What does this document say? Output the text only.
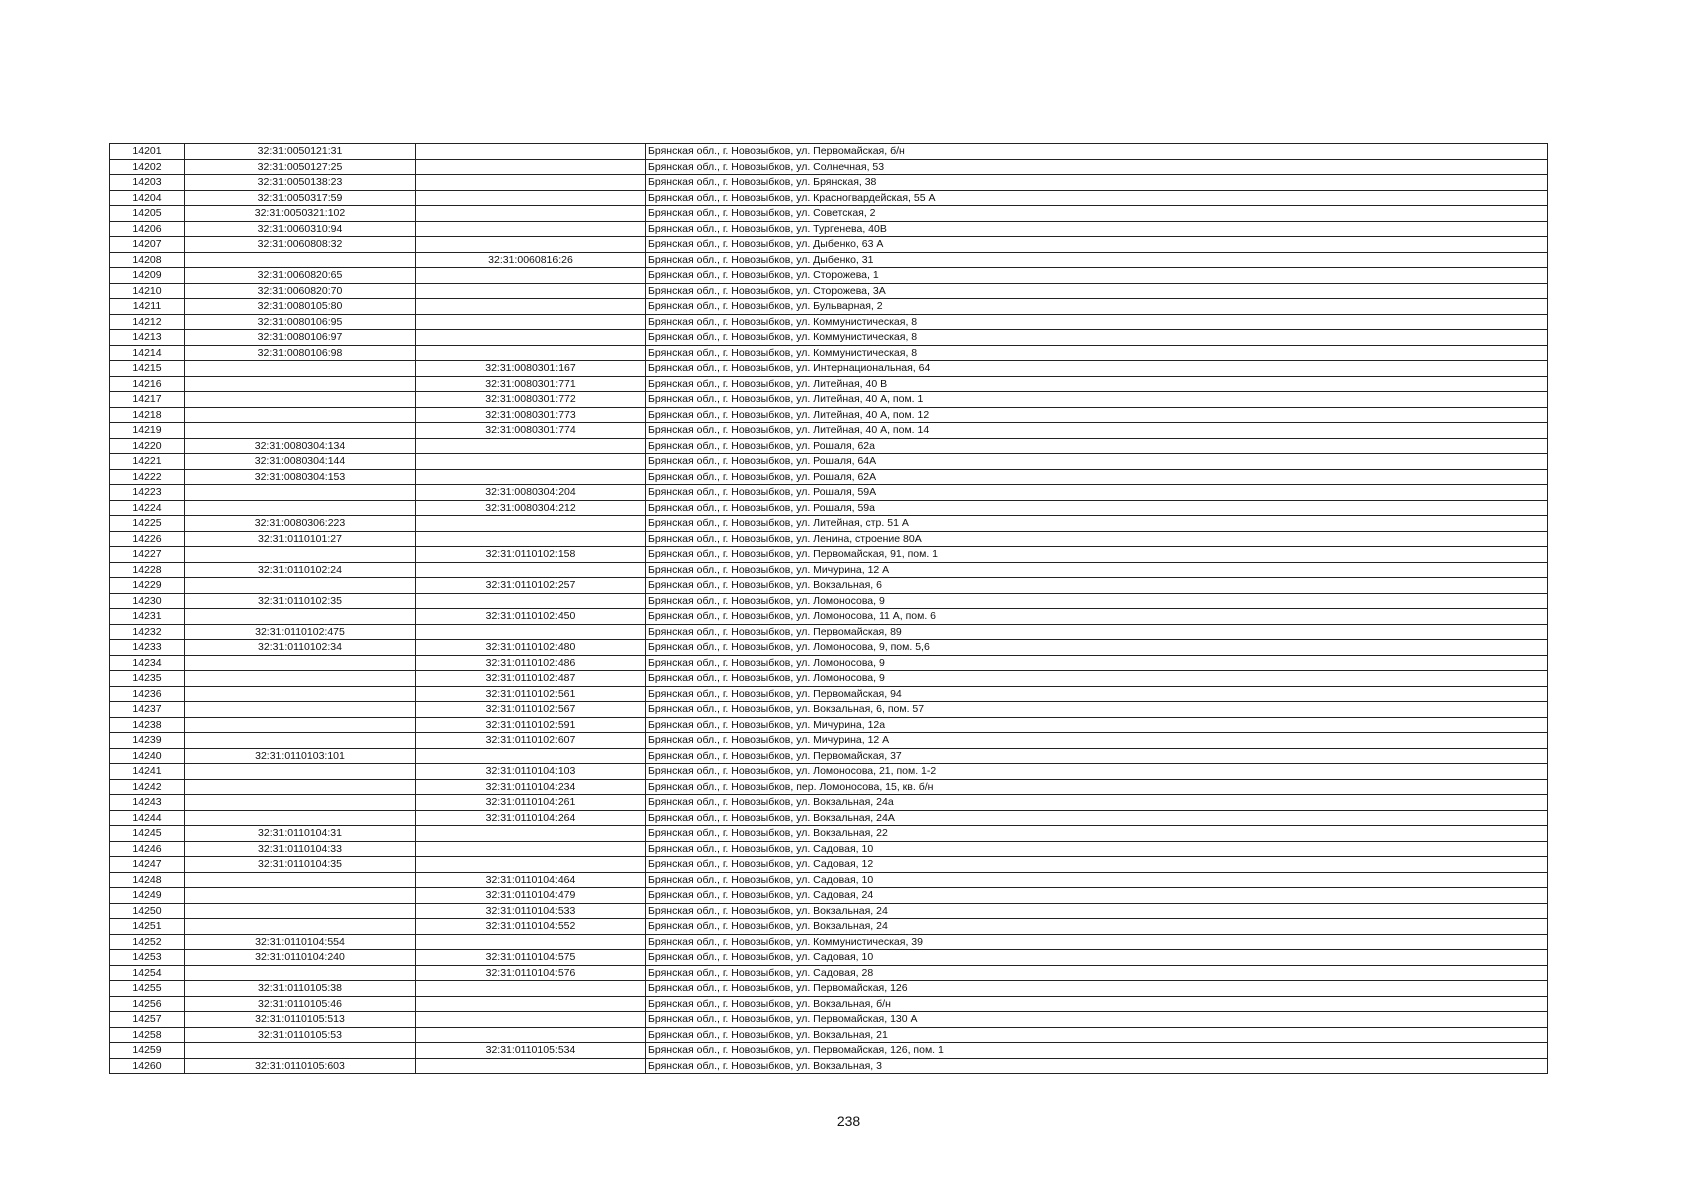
14201	32:31:0050121:31		Брянская обл., г. Новозыбков, ул. Первомайская, б/н
14202	32:31:0050127:25		Брянская обл., г. Новозыбков, ул. Солнечная, 53
14203	32:31:0050138:23		Брянская обл., г. Новозыбков, ул. Брянская, 38
14204	32:31:0050317:59		Брянская обл., г. Новозыбков, ул. Красногвардейская, 55 А
14205	32:31:0050321:102		Брянская обл., г. Новозыбков, ул. Советская, 2
14206	32:31:0060310:94		Брянская обл., г. Новозыбков, ул. Тургенева, 40В
14207	32:31:0060808:32		Брянская обл., г. Новозыбков, ул. Дыбенко, 63 А
14208		32:31:0060816:26	Брянская обл., г. Новозыбков, ул. Дыбенко, 31
14209	32:31:0060820:65		Брянская обл., г. Новозыбков, ул. Сторожева, 1
14210	32:31:0060820:70		Брянская обл., г. Новозыбков, ул. Сторожева, 3А
14211	32:31:0080105:80		Брянская обл., г. Новозыбков, ул. Бульварная, 2
14212	32:31:0080106:95		Брянская обл., г. Новозыбков, ул. Коммунистическая, 8
14213	32:31:0080106:97		Брянская обл., г. Новозыбков, ул. Коммунистическая, 8
14214	32:31:0080106:98		Брянская обл., г. Новозыбков, ул. Коммунистическая, 8
14215		32:31:0080301:167	Брянская обл., г. Новозыбков, ул. Интернациональная, 64
14216		32:31:0080301:771	Брянская обл., г. Новозыбков, ул. Литейная, 40 В
14217		32:31:0080301:772	Брянская обл., г. Новозыбков, ул. Литейная, 40 А, пом. 1
14218		32:31:0080301:773	Брянская обл., г. Новозыбков, ул. Литейная, 40 А, пом. 12
14219		32:31:0080301:774	Брянская обл., г. Новозыбков, ул. Литейная, 40 А, пом. 14
14220	32:31:0080304:134		Брянская обл., г. Новозыбков, ул. Рошаля, 62а
14221	32:31:0080304:144		Брянская обл., г. Новозыбков, ул. Рошаля, 64А
14222	32:31:0080304:153		Брянская обл., г. Новозыбков, ул. Рошаля, 62А
14223		32:31:0080304:204	Брянская обл., г. Новозыбков, ул. Рошаля, 59А
14224		32:31:0080304:212	Брянская обл., г. Новозыбков, ул. Рошаля, 59а
14225	32:31:0080306:223		Брянская обл., г. Новозыбков, ул. Литейная, стр. 51 А
14226	32:31:0110101:27		Брянская обл., г. Новозыбков, ул. Ленина, строение 80А
14227		32:31:0110102:158	Брянская обл., г. Новозыбков, ул. Первомайская, 91, пом. 1
14228	32:31:0110102:24		Брянская обл., г. Новозыбков, ул. Мичурина, 12 А
14229		32:31:0110102:257	Брянская обл., г. Новозыбков, ул. Вокзальная, 6
14230	32:31:0110102:35		Брянская обл., г. Новозыбков, ул. Ломоносова, 9
14231		32:31:0110102:450	Брянская обл., г. Новозыбков, ул. Ломоносова, 11 А, пом. 6
14232	32:31:0110102:475		Брянская обл., г. Новозыбков, ул. Первомайская, 89
14233	32:31:0110102:34	32:31:0110102:480	Брянская обл., г. Новозыбков, ул. Ломоносова, 9, пом. 5,6
14234		32:31:0110102:486	Брянская обл., г. Новозыбков, ул. Ломоносова, 9
14235		32:31:0110102:487	Брянская обл., г. Новозыбков, ул. Ломоносова, 9
14236		32:31:0110102:561	Брянская обл., г. Новозыбков, ул. Первомайская, 94
14237		32:31:0110102:567	Брянская обл., г. Новозыбков, ул. Вокзальная, 6, пом. 57
14238		32:31:0110102:591	Брянская обл., г. Новозыбков, ул. Мичурина, 12а
14239		32:31:0110102:607	Брянская обл., г. Новозыбков, ул. Мичурина, 12 А
14240	32:31:0110103:101		Брянская обл., г. Новозыбков, ул. Первомайская, 37
14241		32:31:0110104:103	Брянская обл., г. Новозыбков, ул. Ломоносова, 21, пом. 1-2
14242		32:31:0110104:234	Брянская обл., г. Новозыбков, пер. Ломоносова, 15, кв. б/н
14243		32:31:0110104:261	Брянская обл., г. Новозыбков, ул. Вокзальная, 24а
14244		32:31:0110104:264	Брянская обл., г. Новозыбков, ул. Вокзальная, 24А
14245	32:31:0110104:31		Брянская обл., г. Новозыбков, ул. Вокзальная, 22
14246	32:31:0110104:33		Брянская обл., г. Новозыбков, ул. Садовая, 10
14247	32:31:0110104:35		Брянская обл., г. Новозыбков, ул. Садовая, 12
14248		32:31:0110104:464	Брянская обл., г. Новозыбков, ул. Садовая, 10
14249		32:31:0110104:479	Брянская обл., г. Новозыбков, ул. Садовая, 24
14250		32:31:0110104:533	Брянская обл., г. Новозыбков, ул. Вокзальная, 24
14251		32:31:0110104:552	Брянская обл., г. Новозыбков, ул. Вокзальная, 24
14252	32:31:0110104:554		Брянская обл., г. Новозыбков, ул. Коммунистическая, 39
14253	32:31:0110104:240	32:31:0110104:575	Брянская обл., г. Новозыбков, ул. Садовая, 10
14254		32:31:0110104:576	Брянская обл., г. Новозыбков, ул. Садовая, 28
14255	32:31:0110105:38		Брянская обл., г. Новозыбков, ул. Первомайская, 126
14256	32:31:0110105:46		Брянская обл., г. Новозыбков, ул. Вокзальная, б/н
14257	32:31:0110105:513		Брянская обл., г. Новозыбков, ул. Первомайская, 130 А
14258	32:31:0110105:53		Брянская обл., г. Новозыбков, ул. Вокзальная, 21
14259		32:31:0110105:534	Брянская обл., г. Новозыбков, ул. Первомайская, 126, пом. 1
14260	32:31:0110105:603		Брянская обл., г. Новозыбков, ул. Вокзальная, 3
238
